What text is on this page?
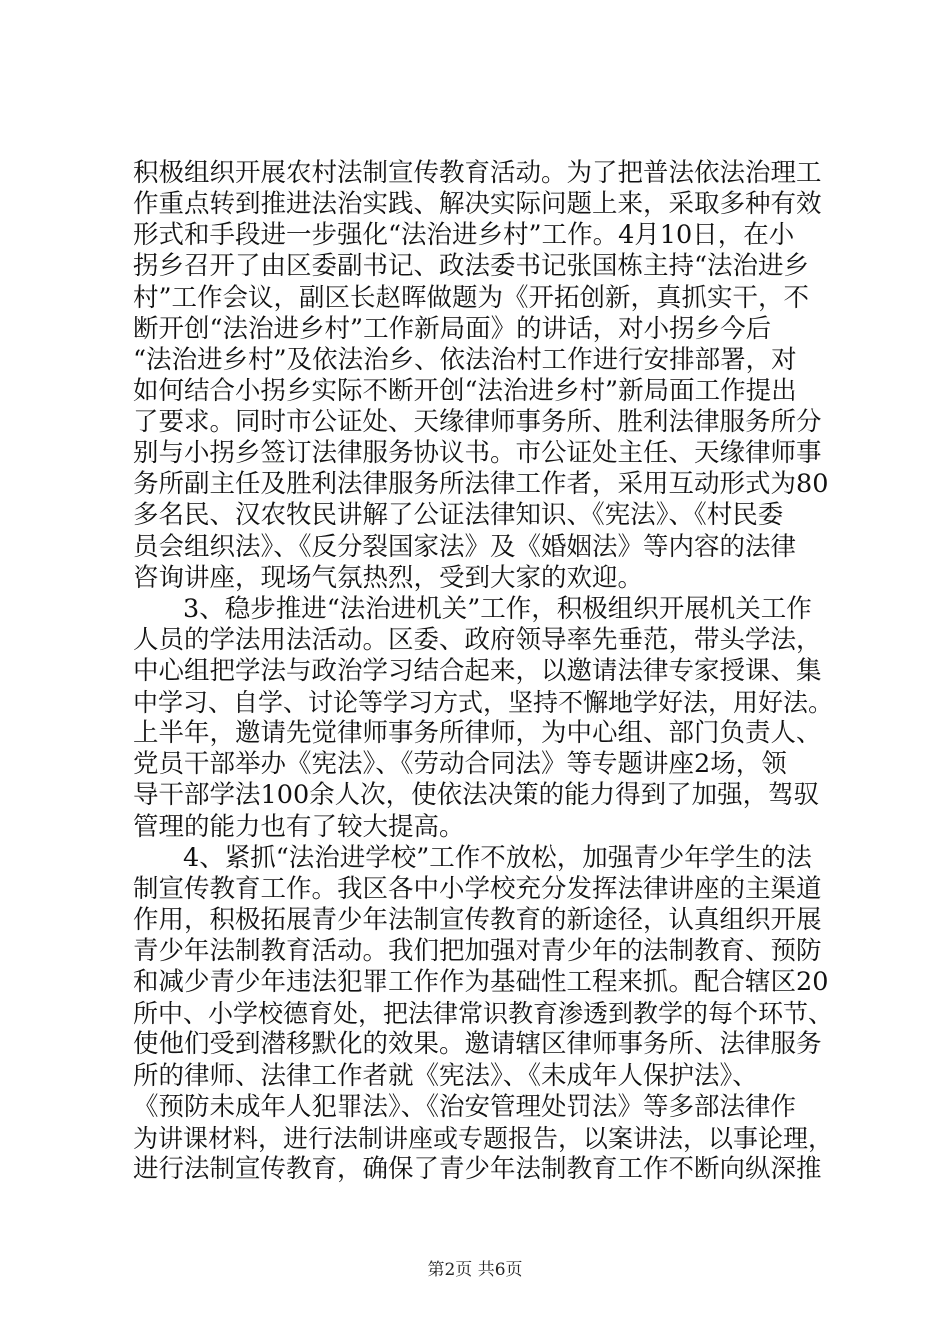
积极组织开展农村法制宣传教育活动。为了把普法依法治理工
作重点转到推进法治实践、解决实际问题上来，采取多种有效
形式和手段进一步强化“法治进乡村”工作。4月10日，在小
拐乡召开了由区委副书记、政法委书记张国栋主持“法治进乡
村”工作会议，副区长赵晖做题为《开拓创新，真抓实干，不
断开创“法治进乡村”工作新局面》的讲话，对小拐乡今后
“法治进乡村”及依法治乡、依法治村工作进行安排部署，对
如何结合小拐乡实际不断开创“法治进乡村”新局面工作提出
了要求。同时市公证处、天缘律师事务所、胜利法律服务所分
别与小拐乡签订法律服务协议书。市公证处主任、天缘律师事
务所副主任及胜利法律服务所法律工作者，采用互动形式为80
多名民、汉农牧民讲解了公证法律知识、《宪法》、《村民委
员会组织法》、《反分裂国家法》及《婚姻法》等内容的法律
咨询讲座，现场气氛热烈，受到大家的欢迎。
3、稳步推进“法治进机关”工作，积极组织开展机关工作
人员的学法用法活动。区委、政府领导率先垂范，带头学法，
中心组把学法与政治学习结合起来，以邀请法律专家授课、集
中学习、自学、讨论等学习方式，坚持不懈地学好法，用好法。
上半年，邀请先觉律师事务所律师，为中心组、部门负责人、
党员干部举办《宪法》、《劳动合同法》等专题讲座2场，领
导干部学法100余人次，使依法决策的能力得到了加强，驾驭
管理的能力也有了较大提高。
4、紧抓“法治进学校”工作不放松，加强青少年学生的法
制宣传教育工作。我区各中小学校充分发挥法律讲座的主渠道
作用，积极拓展青少年法制宣传教育的新途径，认真组织开展
青少年法制教育活动。我们把加强对青少年的法制教育、预防
和减少青少年违法犯罪工作作为基础性工程来抓。配合辖区20
所中、小学校德育处，把法律常识教育渗透到教学的每个环节、
使他们受到潜移默化的效果。邀请辖区律师事务所、法律服务
所的律师、法律工作者就《宪法》、《未成年人保护法》、
《预防未成年人犯罪法》、《治安管理处罚法》等多部法律作
为讲课材料，进行法制讲座或专题报告，以案讲法，以事论理，
进行法制宣传教育，确保了青少年法制教育工作不断向纵深推
第2页 共6页
